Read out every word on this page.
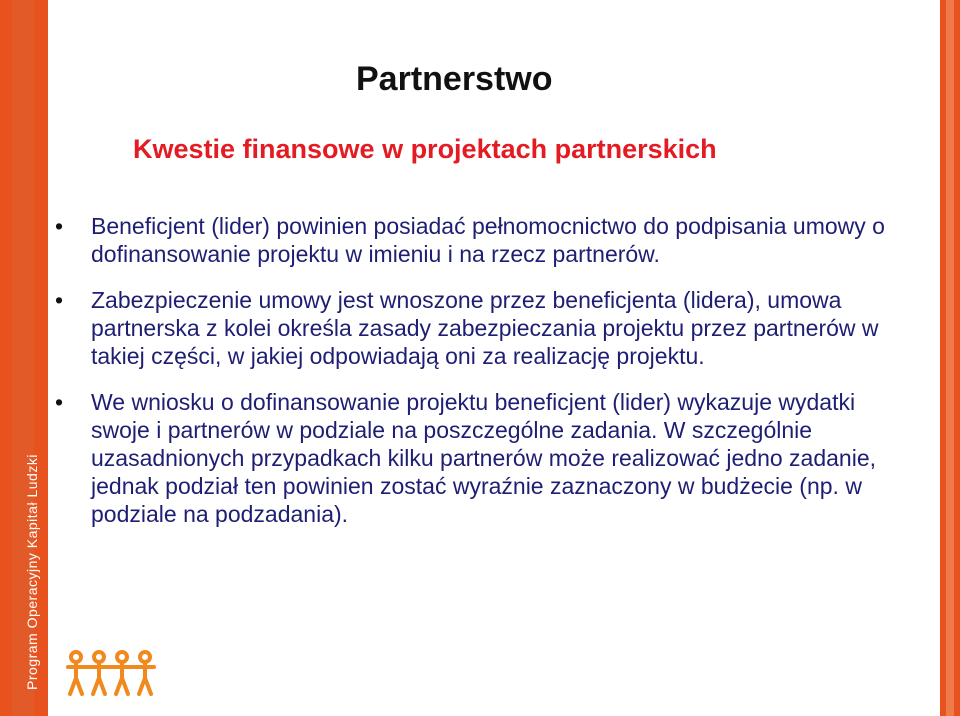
Program Operacyjny Kapitał Ludzki
Partnerstwo
Kwestie finansowe w projektach partnerskich
• Beneficjent (lider) powinien posiadać pełnomocnictwo do podpisania umowy o dofinansowanie projektu w imieniu i na rzecz partnerów.
• Zabezpieczenie umowy jest wnoszone przez beneficjenta (lidera), umowa partnerska z kolei określa zasady zabezpieczania projektu przez partnerów w takiej części, w jakiej odpowiadają oni za realizację projektu.
• We wniosku o dofinansowanie projektu beneficjent (lider) wykazuje wydatki swoje i partnerów w podziale na poszczególne zadania. W szczególnie uzasadnionych przypadkach kilku partnerów może realizować jedno zadanie, jednak podział ten powinien zostać wyraźnie zaznaczony w budżecie (np. w podziale na podzadania).
